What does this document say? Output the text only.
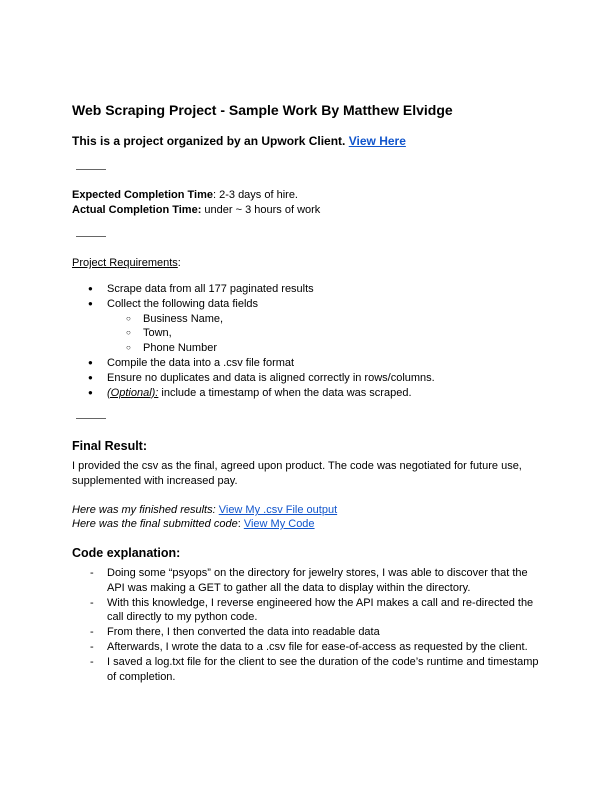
Web Scraping Project - Sample Work By Matthew Elvidge
This is a project organized by an Upwork Client. View Here
Expected Completion Time: 2-3 days of hire.
Actual Completion Time: under ~ 3 hours of work
Project Requirements:
● Scrape data from all 177 paginated results
● Collect the following data fields
○ Business Name,
○ Town,
○ Phone Number
● Compile the data into a .csv file format
● Ensure no duplicates and data is aligned correctly in rows/columns.
● (Optional): include a timestamp of when the data was scraped.
Final Result:

I provided the csv as the final, agreed upon product. The code was negotiated for future use, supplemented with increased pay.

Here was my finished results: View My .csv File output
Here was the final submitted code: View My Code
Code explanation:
- Doing some “psyops” on the directory for jewelry stores, I was able to discover that the API was making a GET to gather all the data to display within the directory.
- With this knowledge, I reverse engineered how the API makes a call and re-directed the call directly to my python code.
- From there, I then converted the data into readable data
- Afterwards, I wrote the data to a .csv file for ease-of-access as requested by the client.
- I saved a log.txt file for the client to see the duration of the code’s runtime and timestamp of completion.
